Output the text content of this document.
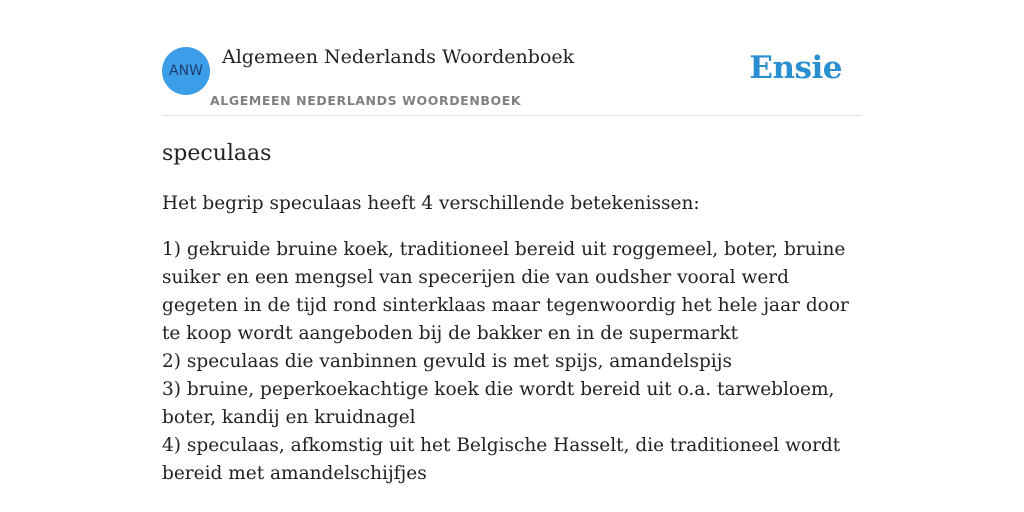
ANW
Algemeen Nederlands Woordenboek
ALGEMEEN NEDERLANDS WOORDENBOEK
Ensie
speculaas

Het begrip speculaas heeft 4 verschillende betekenissen:

1) gekruide bruine koek, traditioneel bereid uit roggemeel, boter, bruine suiker en een mengsel van specerijen die van oudsher vooral werd gegeten in de tijd rond sinterklaas maar tegenwoordig het hele jaar door te koop wordt aangeboden bij de bakker en in de supermarkt
2) speculaas die vanbinnen gevuld is met spijs, amandelspijs
3) bruine, peperkoekachtige koek die wordt bereid uit o.a. tarwebloem, boter, kandij en kruidnagel
4) speculaas, afkomstig uit het Belgische Hasselt, die traditioneel wordt bereid met amandelschijfjes
